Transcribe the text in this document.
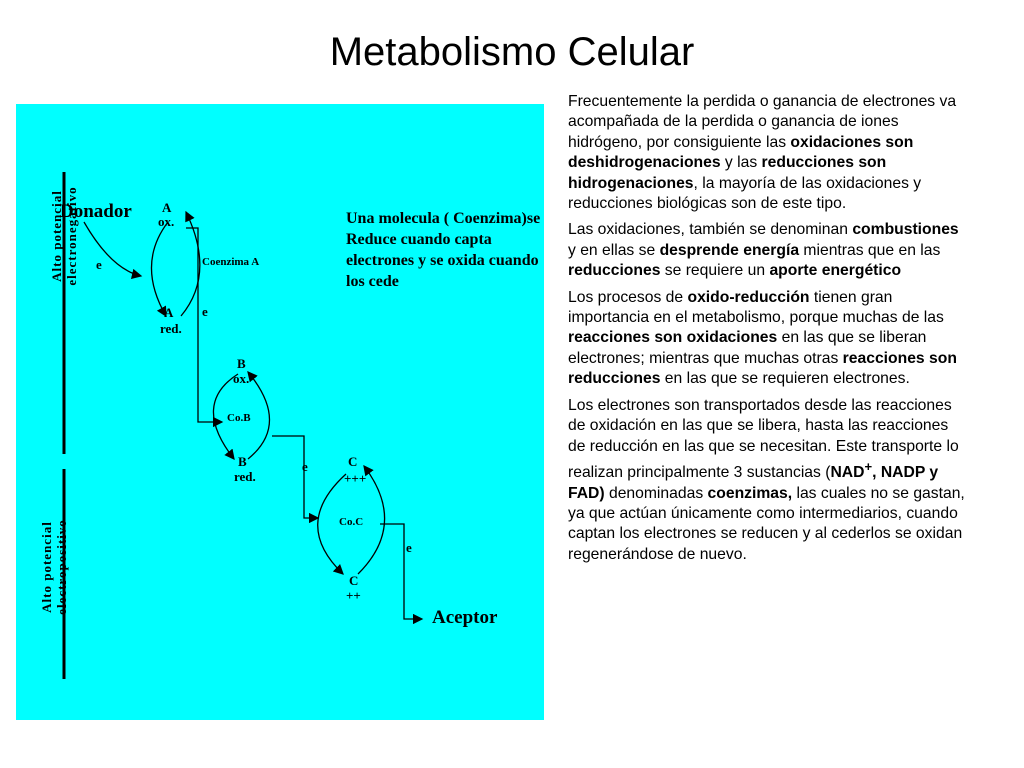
Metabolismo Celular
Alto potencial electronegativo
Alto potencial electropositivo
Donador
e
A
ox.
Coenzima A
A
red.
e
B
ox.
Co.B
B
red.
e	C
+++
Co.C
C
++
e
Aceptor
Una molecula ( Coenzima)se Reduce cuando capta electrones y se oxida cuando los cede

Frecuentemente la perdida o ganancia de electrones va acompañada de la perdida o ganancia de iones hidrógeno, por consiguiente las oxidaciones son deshidrogenaciones y las reducciones son hidrogenaciones, la mayoría de las oxidaciones y reducciones biológicas son de este tipo.

Las oxidaciones, también se denominan combustiones y en ellas se desprende energía mientras que en las reducciones se requiere un aporte energético

Los procesos de oxido-reducción tienen gran importancia en el metabolismo, porque muchas de las reacciones son oxidaciones en las que se liberan electrones; mientras que muchas otras reacciones son reducciones en las que se requieren electrones.

Los electrones son transportados desde las reacciones de oxidación en las que se libera, hasta las reacciones de reducción en las que se necesitan. Este transporte lo realizan principalmente 3 sustancias (NAD+, NADP y FAD) denominadas coenzimas, las cuales no se gastan, ya que actúan únicamente como intermediarios, cuando captan los electrones se reducen y al cederlos se oxidan regenerándose de nuevo.
